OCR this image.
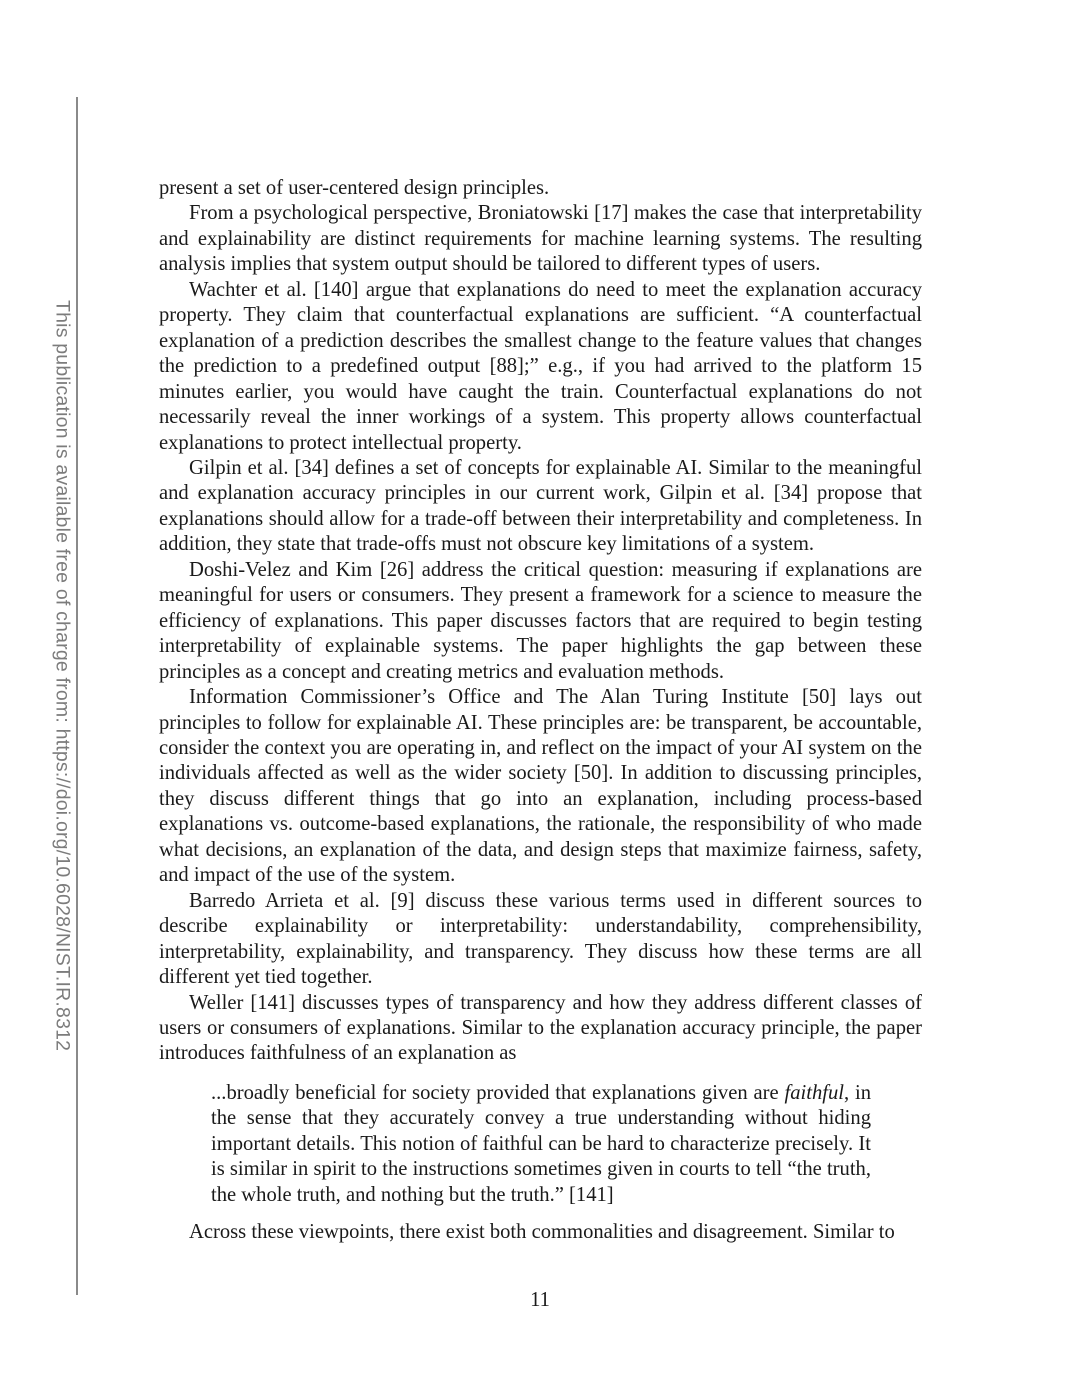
This publication is available free of charge from: https://doi.org/10.6028/NIST.IR.8312

present a set of user-centered design principles.

From a psychological perspective, Broniatowski [17] makes the case that interpretability and explainability are distinct requirements for machine learning systems. The resulting analysis implies that system output should be tailored to different types of users.

Wachter et al. [140] argue that explanations do need to meet the explanation accuracy property. They claim that counterfactual explanations are sufficient. “A counterfactual explanation of a prediction describes the smallest change to the feature values that changes the prediction to a predefined output [88];” e.g., if you had arrived to the platform 15 minutes earlier, you would have caught the train. Counterfactual explanations do not necessarily reveal the inner workings of a system. This property allows counterfactual explanations to protect intellectual property.

Gilpin et al. [34] defines a set of concepts for explainable AI. Similar to the meaningful and explanation accuracy principles in our current work, Gilpin et al. [34] propose that explanations should allow for a trade-off between their interpretability and completeness. In addition, they state that trade-offs must not obscure key limitations of a system.

Doshi-Velez and Kim [26] address the critical question: measuring if explanations are meaningful for users or consumers. They present a framework for a science to measure the efficiency of explanations. This paper discusses factors that are required to begin testing interpretability of explainable systems. The paper highlights the gap between these principles as a concept and creating metrics and evaluation methods.

Information Commissioner’s Office and The Alan Turing Institute [50] lays out principles to follow for explainable AI. These principles are: be transparent, be accountable, consider the context you are operating in, and reflect on the impact of your AI system on the individuals affected as well as the wider society [50]. In addition to discussing principles, they discuss different things that go into an explanation, including process-based explanations vs. outcome-based explanations, the rationale, the responsibility of who made what decisions, an explanation of the data, and design steps that maximize fairness, safety, and impact of the use of the system.

Barredo Arrieta et al. [9] discuss these various terms used in different sources to describe explainability or interpretability: understandability, comprehensibility, interpretability, explainability, and transparency. They discuss how these terms are all different yet tied together.

Weller [141] discusses types of transparency and how they address different classes of users or consumers of explanations. Similar to the explanation accuracy principle, the paper introduces faithfulness of an explanation as

...broadly beneficial for society provided that explanations given are faithful, in the sense that they accurately convey a true understanding without hiding important details. This notion of faithful can be hard to characterize precisely. It is similar in spirit to the instructions sometimes given in courts to tell “the truth, the whole truth, and nothing but the truth.” [141]

Across these viewpoints, there exist both commonalities and disagreement. Similar to

11
